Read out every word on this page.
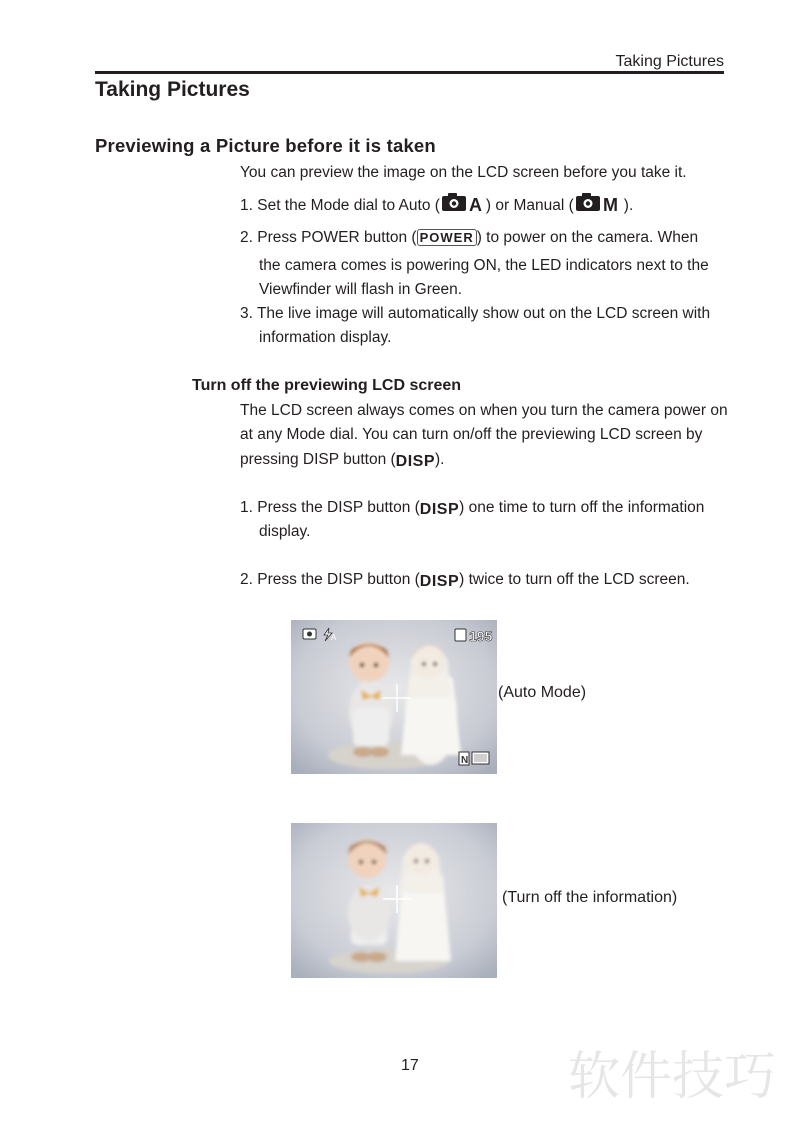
Taking Pictures
Taking Pictures
Previewing a Picture before it is taken
You can preview the image on the LCD screen before you take it.
1. Set the Mode dial to Auto ( A ) or Manual ( M ).
2. Press POWER button ( POWER ) to power on the camera. When
the camera comes is powering ON, the LED indicators next to the
Viewfinder will flash in Green.
3. The live image will automatically show out on the LCD screen with
information display.
Turn off the previewing LCD screen
The LCD screen always comes on when you turn the camera power on
at any Mode dial. You can turn on/off the previewing LCD screen by
pressing DISP button (DISP).
1. Press the DISP button (DISP) one time to turn off the information
display.
2. Press the DISP button (DISP) twice to turn off the LCD screen.
A	195
N
(Auto Mode)
(Turn off the information)
17	软件技巧
